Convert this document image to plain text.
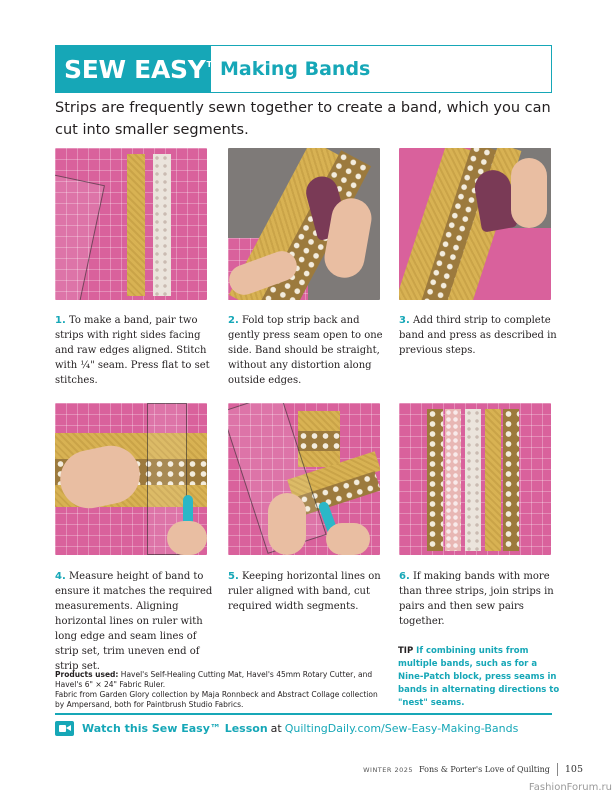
SEW EASY™ Making Bands

Strips are frequently sewn together to create a band, which you can cut into smaller segments.

1. To make a band, pair two strips with right sides facing and raw edges aligned. Stitch with ¼" seam. Press flat to set stitches.
2. Fold top strip back and gently press seam open to one side. Band should be straight, without any distortion along outside edges.
3. Add third strip to complete band and press as described in previous steps.
4. Measure height of band to ensure it matches the required measurements. Aligning horizontal lines on ruler with long edge and seam lines of strip set, trim uneven end of strip set.
5. Keeping horizontal lines on ruler aligned with band, cut required width segments.
6. If making bands with more than three strips, join strips in pairs and then sew pairs together.
Products used: Havel's Self-Healing Cutting Mat, Havel's 45mm Rotary Cutter, and Havel's 6" × 24" Fabric Ruler.
Fabric from Garden Glory collection by Maja Ronnbeck and Abstract Collage collection by Ampersand, both for Paintbrush Studio Fabrics.
TIP If combining units from multiple bands, such as for a Nine-Patch block, press seams in bands in alternating directions to "nest" seams.
Watch this Sew Easy™ Lesson at QuiltingDaily.com/Sew-Easy-Making-Bands
WINTER 2025 Fons & Porter's Love of Quilting 105
FashionForum.ru
